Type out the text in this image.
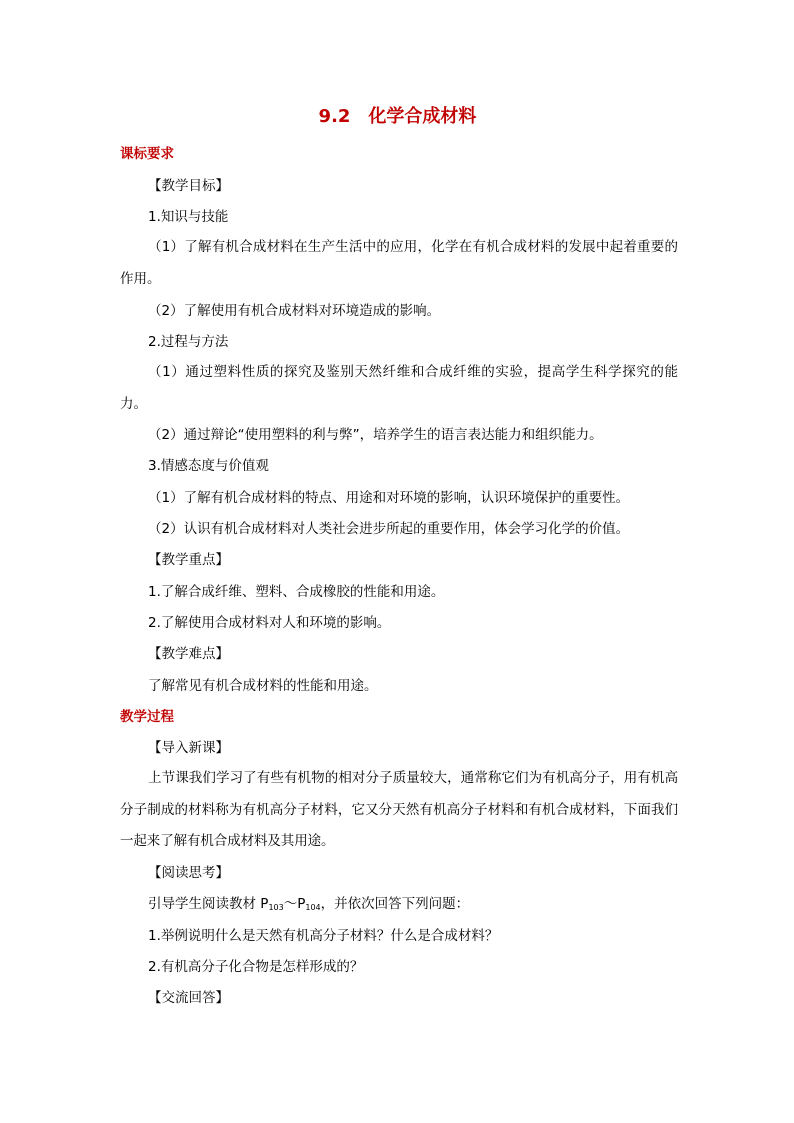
9.2　化学合成材料
课标要求
【教学目标】
1.知识与技能
（1）了解有机合成材料在生产生活中的应用，化学在有机合成材料的发展中起着重要的作用。
（2）了解使用有机合成材料对环境造成的影响。
2.过程与方法
（1）通过塑料性质的探究及鉴别天然纤维和合成纤维的实验，提高学生科学探究的能力。
（2）通过辩论“使用塑料的利与弊”，培养学生的语言表达能力和组织能力。
3.情感态度与价值观
（1）了解有机合成材料的特点、用途和对环境的影响，认识环境保护的重要性。
（2）认识有机合成材料对人类社会进步所起的重要作用，体会学习化学的价值。
【教学重点】
1.了解合成纤维、塑料、合成橡胶的性能和用途。
2.了解使用合成材料对人和环境的影响。
【教学难点】
了解常见有机合成材料的性能和用途。
教学过程
【导入新课】
上节课我们学习了有些有机物的相对分子质量较大，通常称它们为有机高分子，用有机高分子制成的材料称为有机高分子材料，它又分天然有机高分子材料和有机合成材料，下面我们一起来了解有机合成材料及其用途。
【阅读思考】
引导学生阅读教材 $P_{103}\sim P_{104}$，并依次回答下列问题：
1.举例说明什么是天然有机高分子材料？什么是合成材料？
2.有机高分子化合物是怎样形成的？
【交流回答】
